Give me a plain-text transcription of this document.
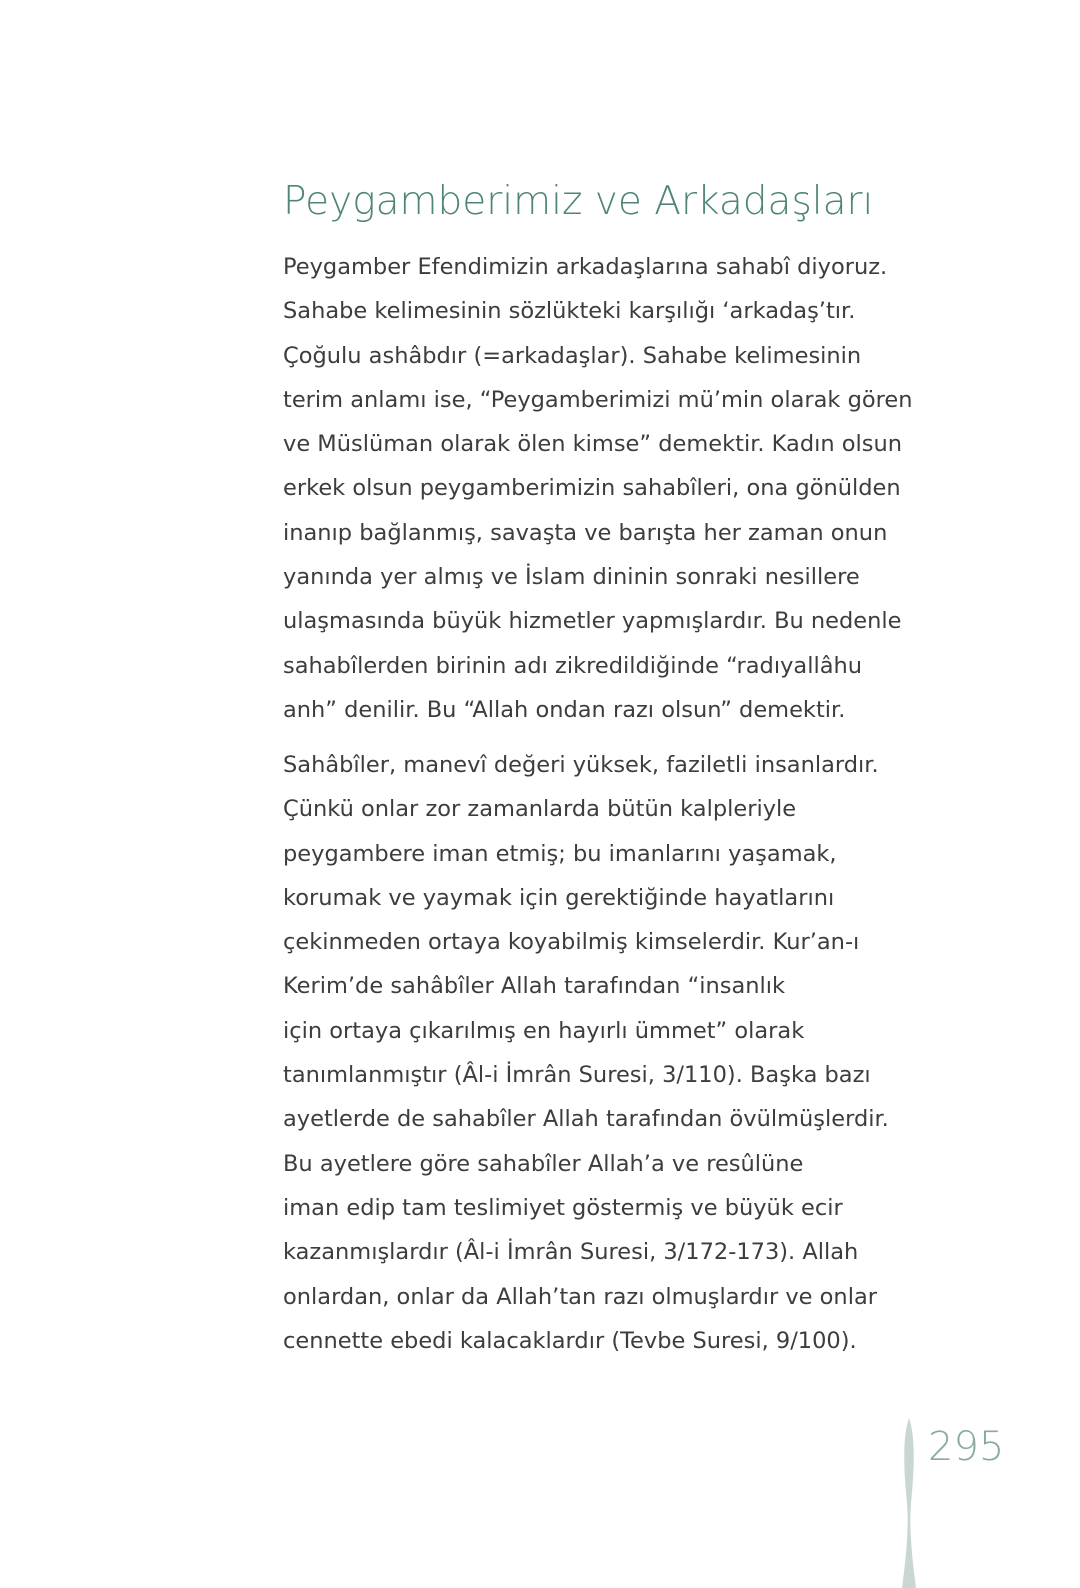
Peygamberimiz ve Arkadaşları
Peygamber Efendimizin arkadaşlarına sahabî diyoruz.
Sahabe kelimesinin sözlükteki karşılığı ‘arkadaş’tır.
Çoğulu ashâbdır (=arkadaşlar). Sahabe kelimesinin
terim anlamı ise, “Peygamberimizi mü’min olarak gören
ve Müslüman olarak ölen kimse” demektir. Kadın olsun
erkek olsun peygamberimizin sahabîleri, ona gönülden
inanıp bağlanmış, savaşta ve barışta her zaman onun
yanında yer almış ve İslam dininin sonraki nesillere
ulaşmasında büyük hizmetler yapmışlardır. Bu nedenle
sahabîlerden birinin adı zikredildiğinde “radıyallâhu
anh” denilir. Bu “Allah ondan razı olsun” demektir.
Sahâbîler, manevî değeri yüksek, faziletli insanlardır.
Çünkü onlar zor zamanlarda bütün kalpleriyle
peygambere iman etmiş; bu imanlarını yaşamak,
korumak ve yaymak için gerektiğinde hayatlarını
çekinmeden ortaya koyabilmiş kimselerdir. Kur’an-ı
Kerim’de sahâbîler Allah tarafından “insanlık
için ortaya çıkarılmış en hayırlı ümmet” olarak
tanımlanmıştır (Âl-i İmrân Suresi, 3/110). Başka bazı
ayetlerde de sahabîler Allah tarafından övülmüşlerdir.
Bu ayetlere göre sahabîler Allah’a ve resûlüne
iman edip tam teslimiyet göstermiş ve büyük ecir
kazanmışlardır (Âl-i İmrân Suresi, 3/172-173). Allah
onlardan, onlar da Allah’tan razı olmuşlardır ve onlar
cennette ebedi kalacaklardır (Tevbe Suresi, 9/100).
295
